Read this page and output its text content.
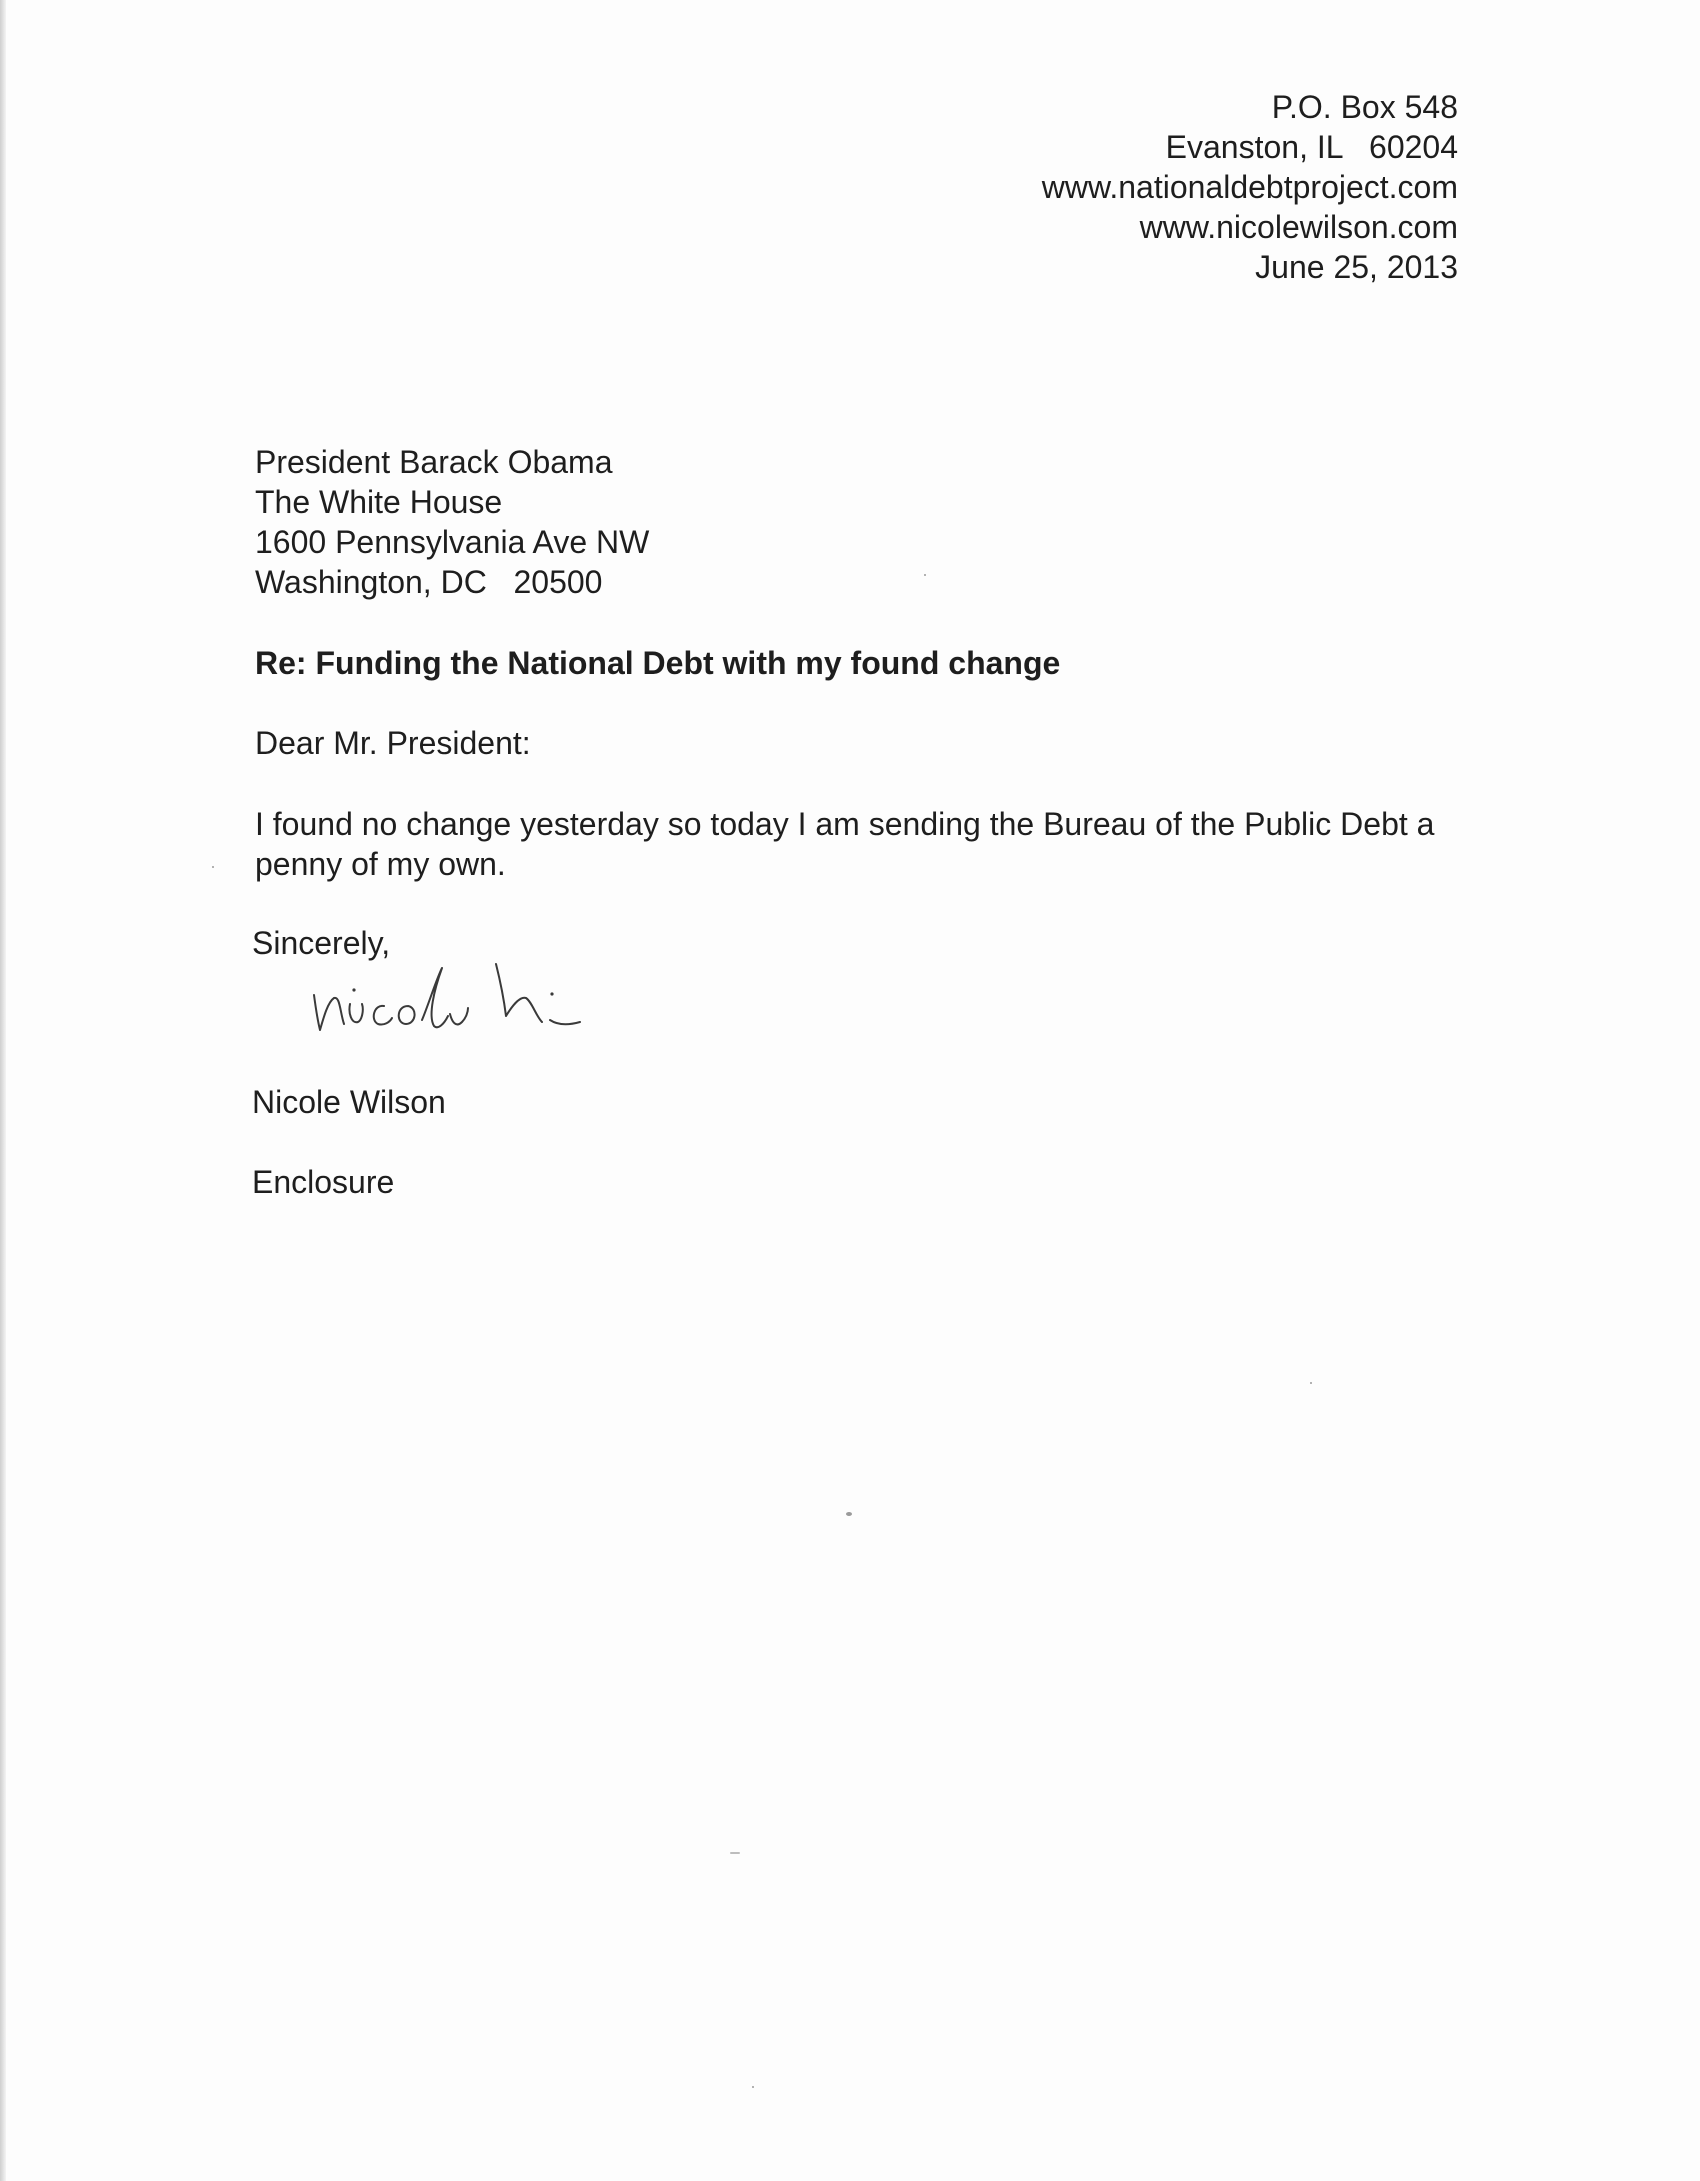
P.O. Box 548
Evanston, IL   60204
www.nationaldebtproject.com
www.nicolewilson.com
June 25, 2013
President Barack Obama
The White House
1600 Pennsylvania Ave NW
Washington, DC   20500
Re: Funding the National Debt with my found change
Dear Mr. President:
I found no change yesterday so today I am sending the Bureau of the Public Debt a penny of my own.
Sincerely,
Nicole Wilson
Enclosure
